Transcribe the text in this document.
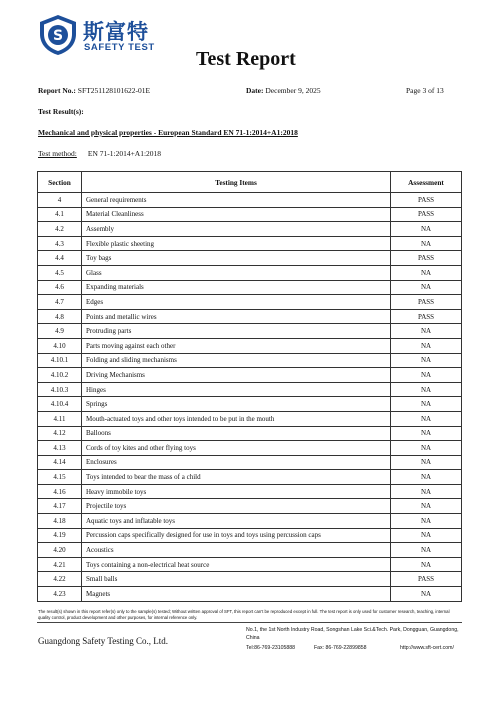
S 斯富特
SAFETY TEST
Test Report
Report No.: SFT251128101622-01E	Date: December 9, 2025	Page 3 of 13
Test Result(s):
Mechanical and physical properties - European Standard EN 71-1:2014+A1:2018
Test method: EN 71-1:2014+A1:2018
Section	Testing Items	Assessment
4	General requirements	PASS
4.1	Material Cleanliness	PASS
4.2	Assembly	NA
4.3	Flexible plastic sheeting	NA
4.4	Toy bags	PASS
4.5	Glass	NA
4.6	Expanding materials	NA
4.7	Edges	PASS
4.8	Points and metallic wires	PASS
4.9	Protruding parts	NA
4.10	Parts moving against each other	NA
4.10.1	Folding and sliding mechanisms	NA
4.10.2	Driving Mechanisms	NA
4.10.3	Hinges	NA
4.10.4	Springs	NA
4.11	Mouth-actuated toys and other toys intended to be put in the mouth	NA
4.12	Balloons	NA
4.13	Cords of toy kites and other flying toys	NA
4.14	Enclosures	NA
4.15	Toys intended to bear the mass of a child	NA
4.16	Heavy immobile toys	NA
4.17	Projectile toys	NA
4.18	Aquatic toys and inflatable toys	NA
4.19	Percussion caps specifically designed for use in toys and toys using percussion caps	NA
4.20	Acoustics	NA
4.21	Toys containing a non-electrical heat source	NA
4.22	Small balls	PASS
4.23	Magnets	NA
The result(s) shown in this report refer(s) only to the sample(s) tested; Without written approval of SFT, this report can't be reproduced except in full. The test report is only used for customer research, teaching, internal quality control, product development and other purposes, for internal reference only.
Guangdong Safety Testing Co., Ltd.
No.1, the 1st North Industry Road, Songshan Lake Sci.&Tech. Park, Dongguan, Guangdong, China
Tel:86-769-23105888	Fax: 86-769-22899858	http://www.sft-cert.com/
